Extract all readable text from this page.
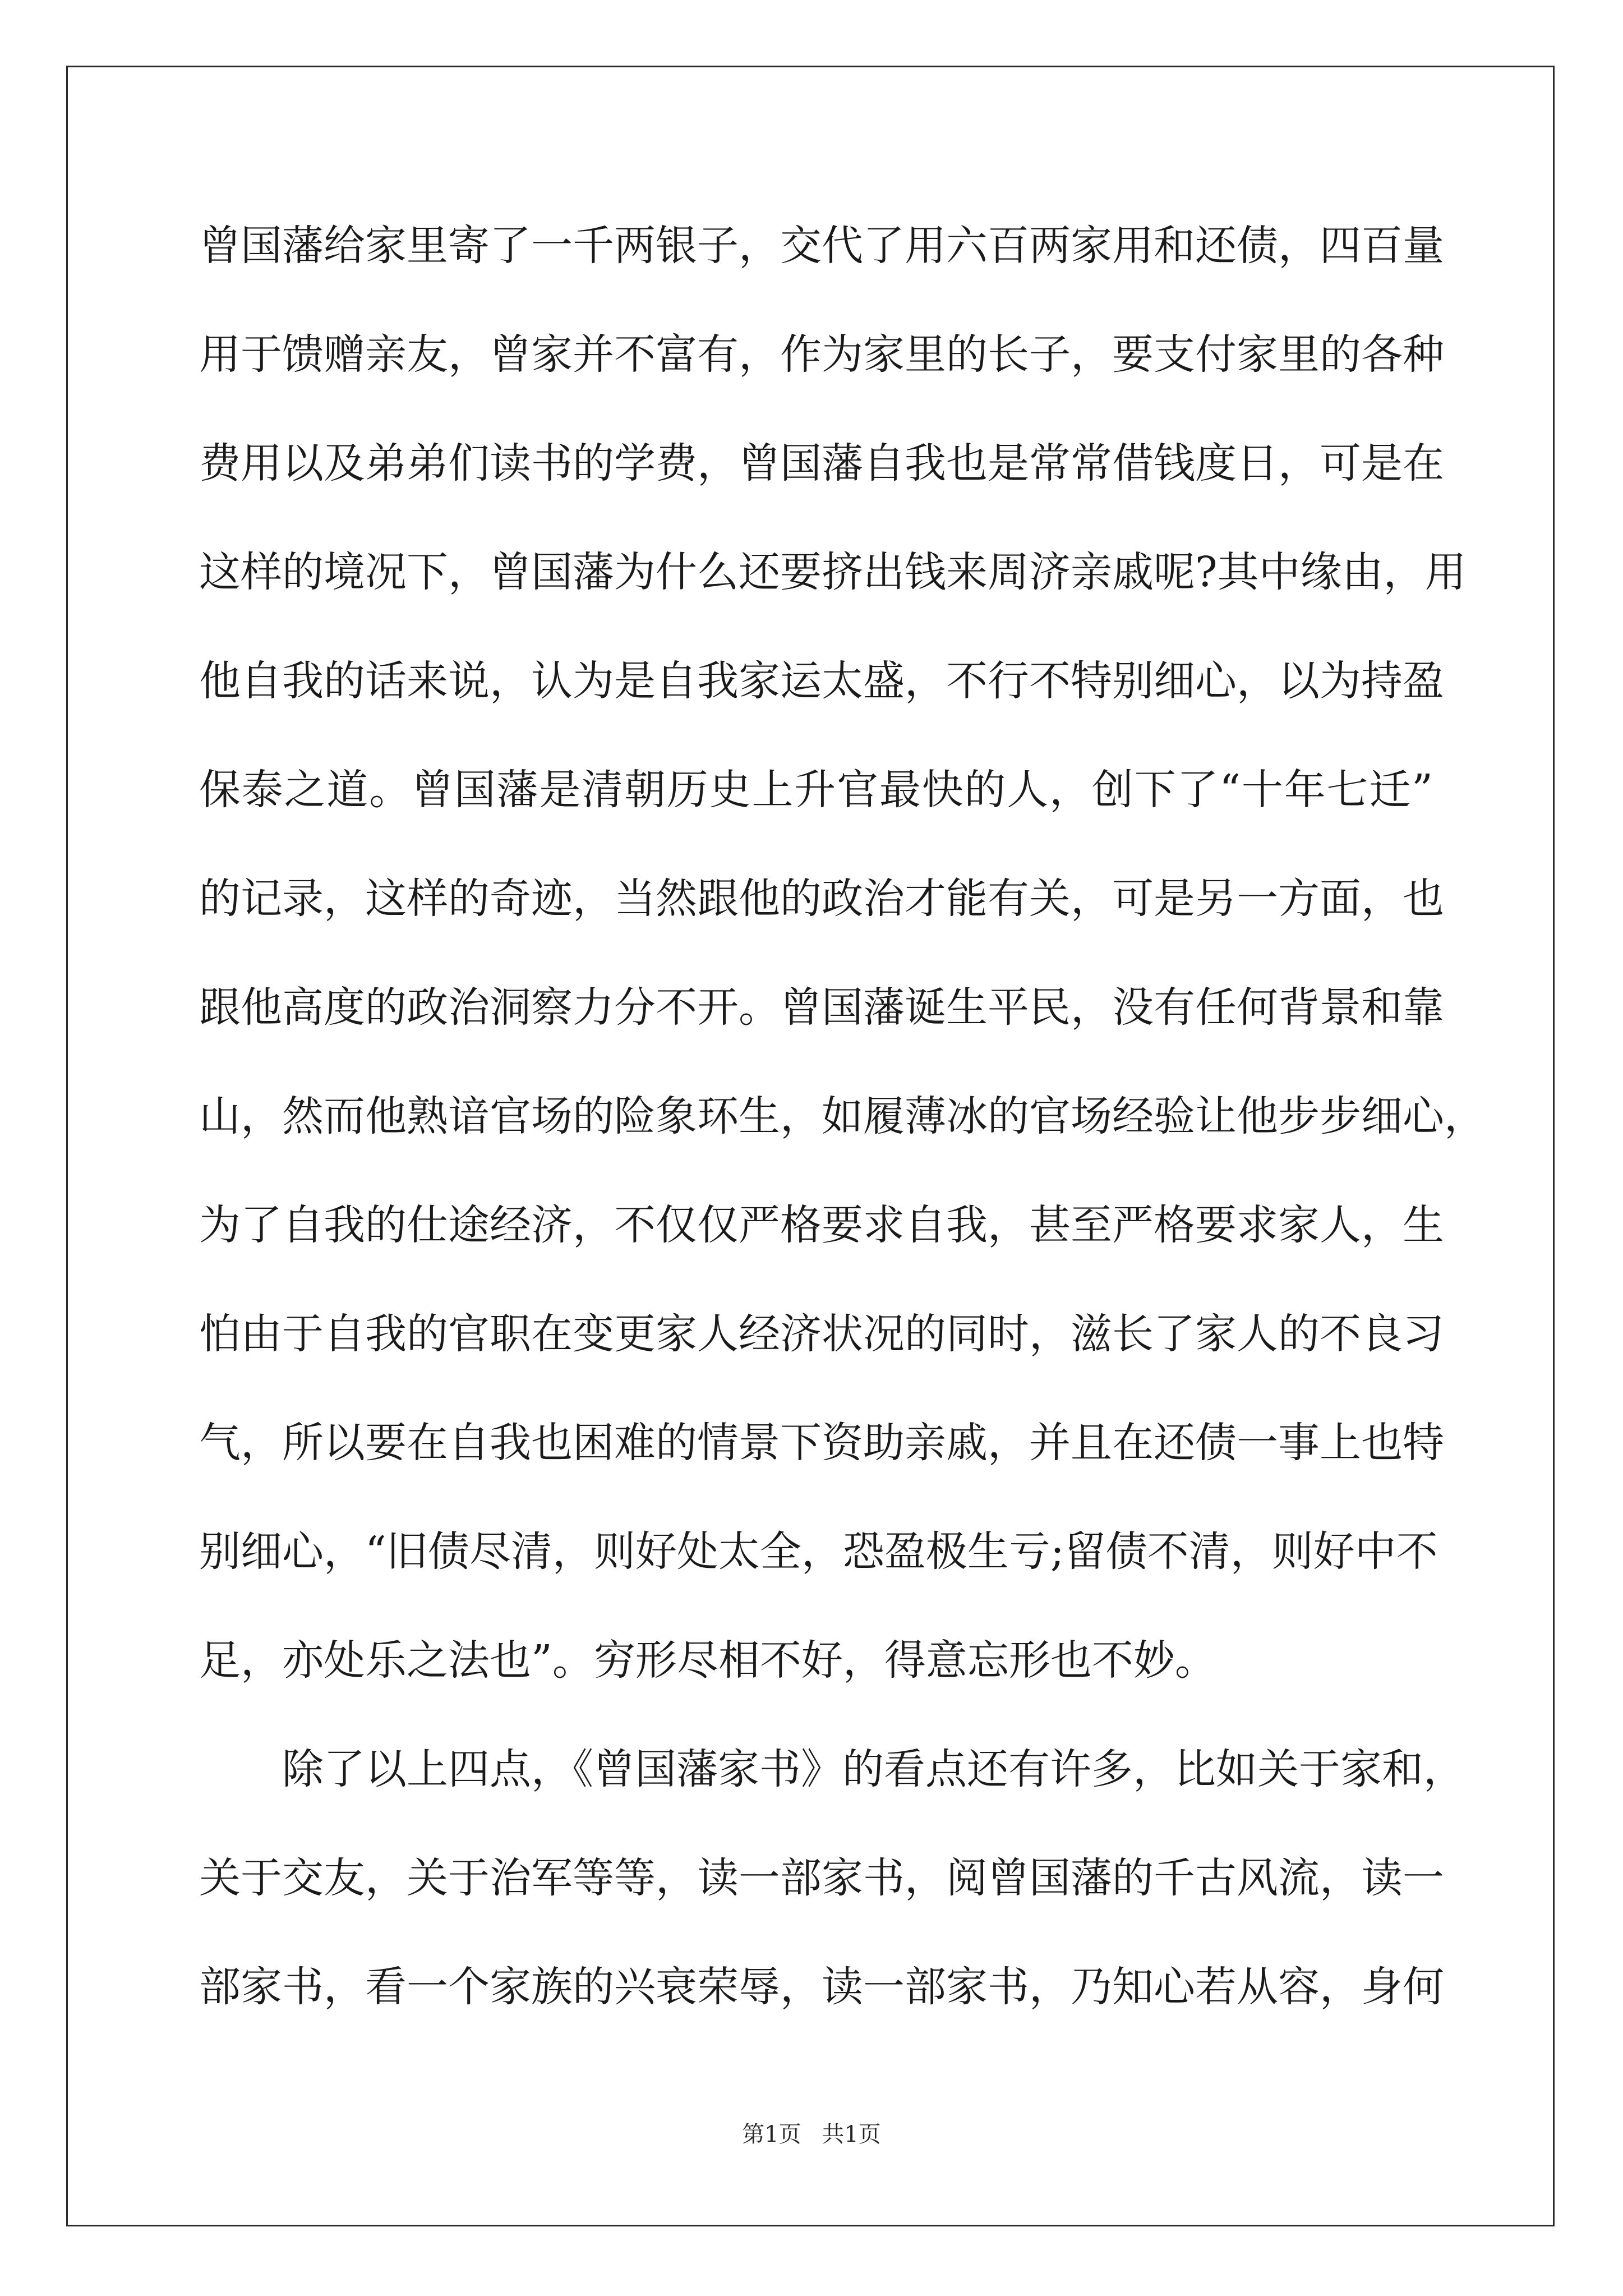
曾国藩给家里寄了一千两银子，交代了用六百两家用和还债，四百量
用于馈赠亲友，曾家并不富有，作为家里的长子，要支付家里的各种
费用以及弟弟们读书的学费，曾国藩自我也是常常借钱度日，可是在
这样的境况下，曾国藩为什么还要挤出钱来周济亲戚呢?其中缘由，用
他自我的话来说，认为是自我家运太盛，不行不特别细心，以为持盈
保泰之道。曾国藩是清朝历史上升官最快的人，创下了“十年七迁”
的记录，这样的奇迹，当然跟他的政治才能有关，可是另一方面，也
跟他高度的政治洞察力分不开。曾国藩诞生平民，没有任何背景和靠
山，然而他熟谙官场的险象环生，如履薄冰的官场经验让他步步细心，
为了自我的仕途经济，不仅仅严格要求自我，甚至严格要求家人，生
怕由于自我的官职在变更家人经济状况的同时，滋长了家人的不良习
气，所以要在自我也困难的情景下资助亲戚，并且在还债一事上也特
别细心，“旧债尽清，则好处太全，恐盈极生亏;留债不清，则好中不
足，亦处乐之法也”。穷形尽相不好，得意忘形也不妙。
除了以上四点，《曾国藩家书》的看点还有许多，比如关于家和，
关于交友，关于治军等等，读一部家书，阅曾国藩的千古风流，读一
部家书，看一个家族的兴衰荣辱，读一部家书，乃知心若从容，身何
第1页 共1页
